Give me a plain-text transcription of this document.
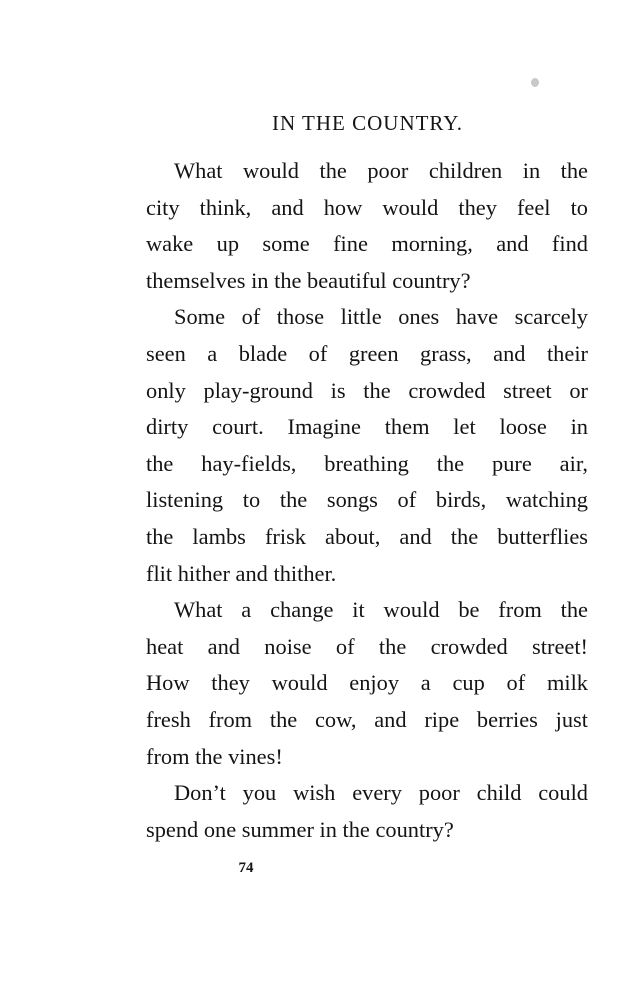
IN THE COUNTRY.
What would the poor children in the
city think, and how would they feel to
wake up some fine morning, and find
themselves in the beautiful country?
Some of those little ones have scarcely
seen a blade of green grass, and their
only play-ground is the crowded street or
dirty court. Imagine them let loose in
the hay-fields, breathing the pure air,
listening to the songs of birds, watching
the lambs frisk about, and the butterflies
flit hither and thither.
What a change it would be from the
heat and noise of the crowded street!
How they would enjoy a cup of milk
fresh from the cow, and ripe berries just
from the vines!
Don’t you wish every poor child could
spend one summer in the country?
74
